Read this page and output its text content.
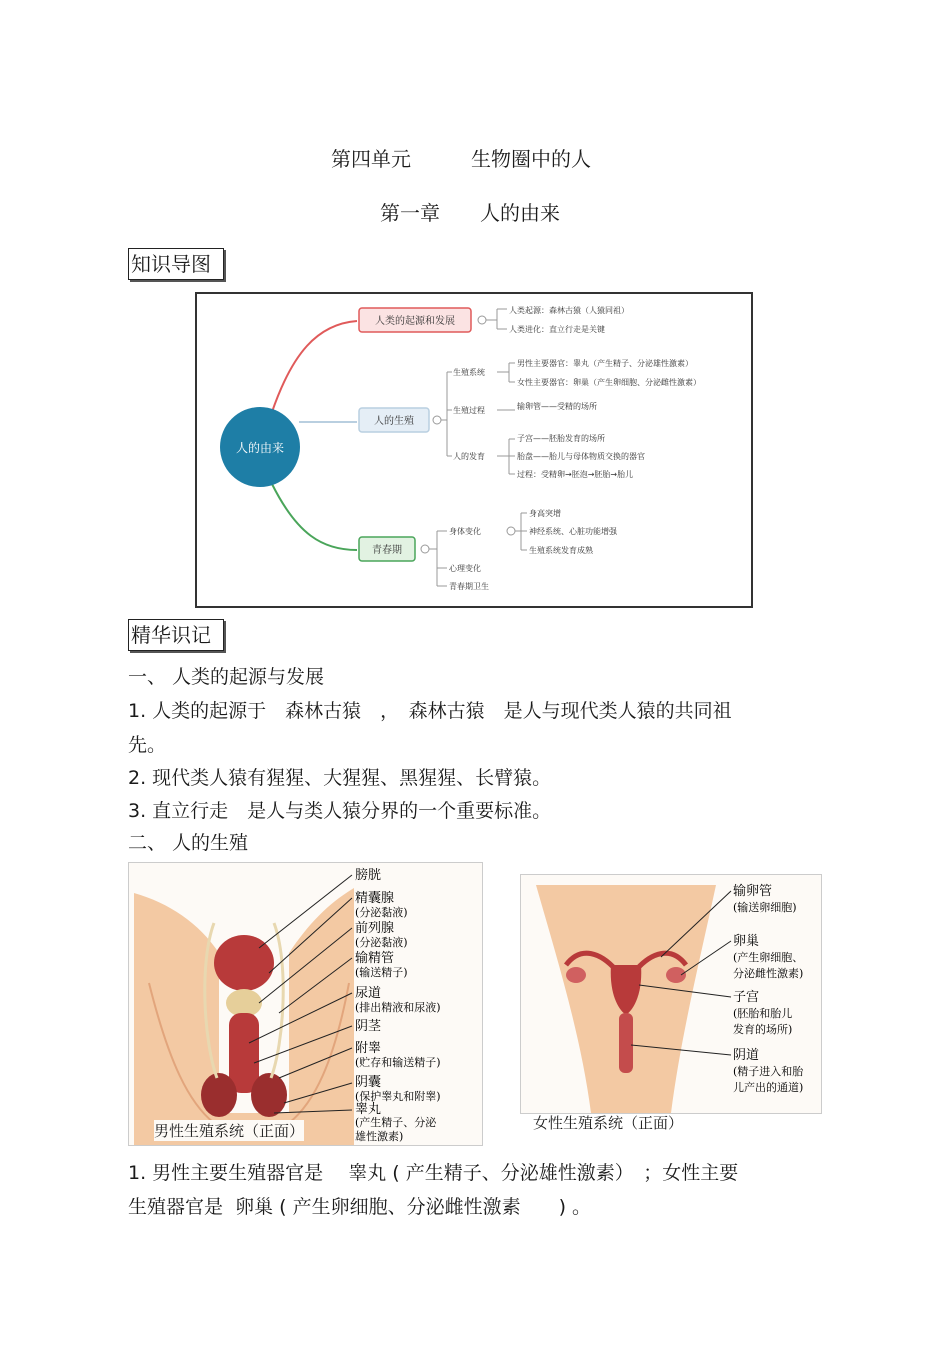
第四单元　　　生物圈中的人
第一章　　人的由来
知识导图
人的由来
人类的起源和发展
人类起源：森林古猿（人猿同祖）
人类进化：直立行走是关键
人的生殖
生殖系统
男性主要器官：睾丸（产生精子、分泌雄性激素）
女性主要器官：卵巢（产生卵细胞、分泌雌性激素）
生殖过程	输卵管——受精的场所
人的发育
子宫——胚胎发育的场所
胎盘——胎儿与母体物质交换的器官
过程：受精卵→胚泡→胚胎→胎儿
青春期
身体变化
身高突增
神经系统、心脏功能增强
生殖系统发育成熟
心理变化
青春期卫生
精华识记
一、 人类的起源与发展
1. 人类的起源于　森林古猿　，　森林古猿　是人与现代类人猿的共同祖
先。
2. 现代类人猿有猩猩、大猩猩、黑猩猩、长臂猿。
3. 直立行走　是人与类人猿分界的一个重要标准。
二、 人的生殖
膀胱
精囊腺
(分泌黏液)
前列腺
(分泌黏液)
输精管
(输送精子)
尿道
(排出精液和尿液)
阴茎
附睾
(贮存和输送精子)
阴囊
(保护睾丸和附睾)
睾丸
(产生精子、分泌
雄性激素)
男性生殖系统（正面）
输卵管
(输送卵细胞)
卵巢
(产生卵细胞、
分泌雌性激素)
子宫
(胚胎和胎儿
发育的场所)
阴道
(精子进入和胎
儿产出的通道)
女性生殖系统（正面）
1. 男性主要生殖器官是　 睾丸 ( 产生精子、分泌雄性激素）　；女性主要
生殖器官是  卵巢 ( 产生卵细胞、分泌雌性激素　　) 。
